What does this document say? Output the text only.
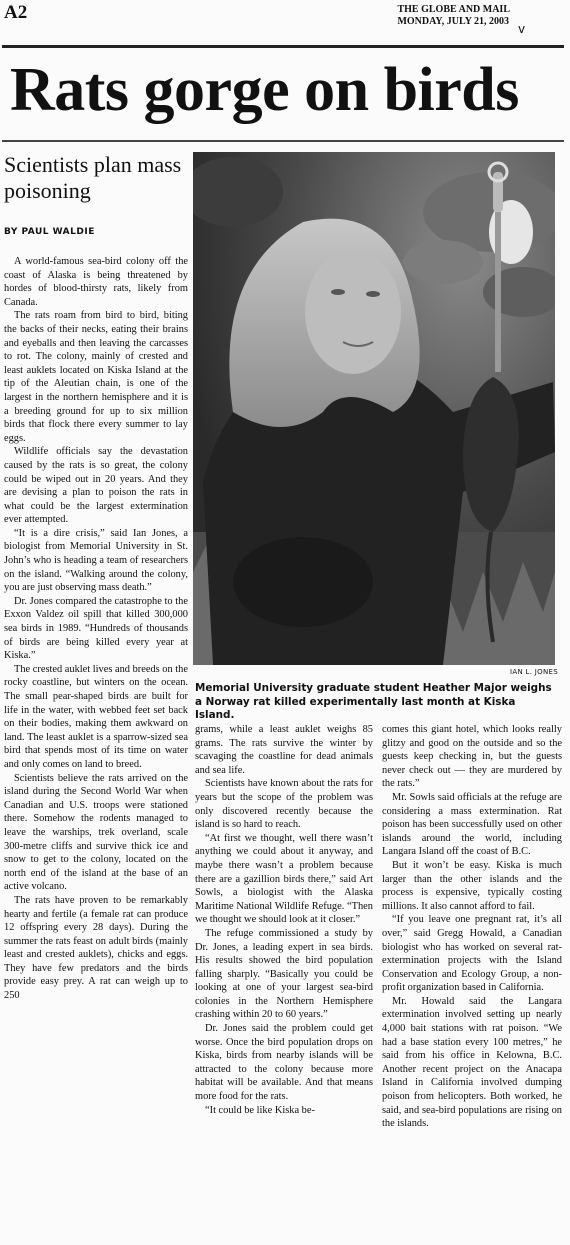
A2	THE GLOBE AND MAIL
MONDAY, JULY 21, 2003
v
Rats gorge on birds
Scientists plan mass poisoning
BY PAUL WALDIE

A world-famous sea-bird colony off the coast of Alaska is being threatened by hordes of blood-thirsty rats, likely from Canada.

The rats roam from bird to bird, biting the backs of their necks, eating their brains and eyeballs and then leaving the carcasses to rot. The colony, mainly of crested and least auklets located on Kiska Island at the tip of the Aleutian chain, is one of the largest in the northern hemisphere and it is a breeding ground for up to six million birds that flock there every summer to lay eggs.

Wildlife officials say the devastation caused by the rats is so great, the colony could be wiped out in 20 years. And they are devising a plan to poison the rats in what could be the largest extermination ever attempted.

“It is a dire crisis,” said Ian Jones, a biologist from Memorial University in St. John’s who is heading a team of researchers on the island. “Walking around the colony, you are just observing mass death.”

Dr. Jones compared the catastrophe to the Exxon Valdez oil spill that killed 300,000 sea birds in 1989. “Hundreds of thousands of birds are being killed every year at Kiska.”

The crested auklet lives and breeds on the rocky coastline, but winters on the ocean. The small pear-shaped birds are built for life in the water, with webbed feet set back on their bodies, making them awkward on land. The least auklet is a sparrow-sized sea bird that spends most of its time on water and only comes on land to breed.

Scientists believe the rats arrived on the island during the Second World War when Canadian and U.S. troops were stationed there. Somehow the rodents managed to leave the warships, trek overland, scale 300-metre cliffs and survive thick ice and snow to get to the colony, located on the north end of the island at the base of an active volcano.

The rats have proven to be remarkably hearty and fertile (a female rat can produce 12 offspring every 28 days). During the summer the rats feast on adult birds (mainly least and crested auklets), chicks and eggs. They have few predators and the birds provide easy prey. A rat can weigh up to 250

IAN L. JONES
Memorial University graduate student Heather Major weighs a Norway rat killed experimentally last month at Kiska Island.

grams, while a least auklet weighs 85 grams. The rats survive the winter by scavaging the coastline for dead animals and sea life.

Scientists have known about the rats for years but the scope of the problem was only discovered recently because the island is so hard to reach.

“At first we thought, well there wasn’t anything we could about it anyway, and maybe there wasn’t a problem because there are a gazillion birds there,” said Art Sowls, a biologist with the Alaska Maritime National Wildlife Refuge. “Then we thought we should look at it closer.”

The refuge commissioned a study by Dr. Jones, a leading expert in sea birds. His results showed the bird population falling sharply. “Basically you could be looking at one of your largest sea-bird colonies in the Northern Hemisphere crashing within 20 to 60 years.”

Dr. Jones said the problem could get worse. Once the bird population drops on Kiska, birds from nearby islands will be attracted to the colony because more habitat will be available. And that means more food for the rats.

“It could be like Kiska be-

comes this giant hotel, which looks really glitzy and good on the outside and so the guests keep checking in, but the guests never check out — they are murdered by the rats.”

Mr. Sowls said officials at the refuge are considering a mass extermination. Rat poison has been successfully used on other islands around the world, including Langara Island off the coast of B.C.

But it won’t be easy. Kiska is much larger than the other islands and the process is expensive, typically costing millions. It also cannot afford to fail.

“If you leave one pregnant rat, it’s all over,” said Gregg Howald, a Canadian biologist who has worked on several rat-extermination projects with the Island Conservation and Ecology Group, a non-profit organization based in California.

Mr. Howald said the Langara extermination involved setting up nearly 4,000 bait stations with rat poison. “We had a base station every 100 metres,” he said from his office in Kelowna, B.C. Another recent project on the Anacapa Island in California involved dumping poison from helicopters. Both worked, he said, and sea-bird populations are rising on the islands.
